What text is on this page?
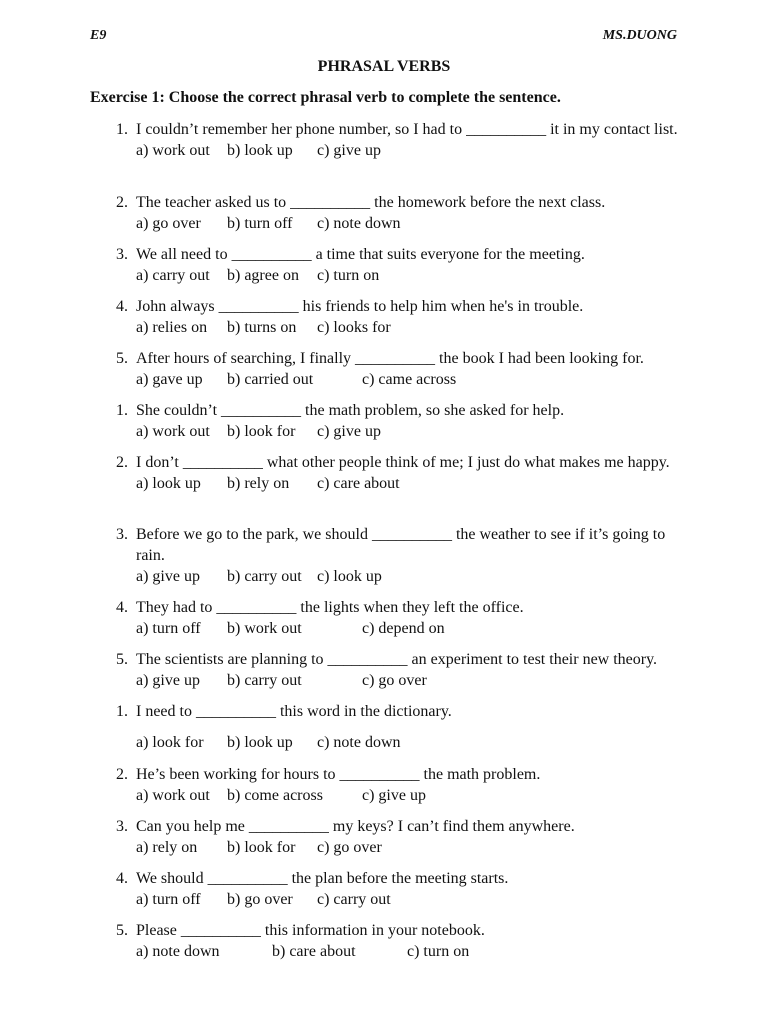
E9	MS.DUONG
PHRASAL VERBS
Exercise 1: Choose the correct phrasal verb to complete the sentence.
1. I couldn’t remember her phone number, so I had to __________ it in my contact list.
a) work out b) look up c) give up
2. The teacher asked us to __________ the homework before the next class.
a) go over b) turn off c) note down
3. We all need to __________ a time that suits everyone for the meeting.
a) carry out b) agree on c) turn on
4. John always __________ his friends to help him when he's in trouble.
a) relies on b) turns on c) looks for
5. After hours of searching, I finally __________ the book I had been looking for.
a) gave up b) carried out	c) came across
1. She couldn’t __________ the math problem, so she asked for help.
a) work out b) look for c) give up
2. I don’t __________ what other people think of me; I just do what makes me happy.
a) look up b) rely on c) care about
3. Before we go to the park, we should __________ the weather to see if it’s going to rain.
a) give up b) carry out c) look up
4. They had to __________ the lights when they left the office.
a) turn off b) work out	c) depend on
5. The scientists are planning to __________ an experiment to test their new theory.
a) give up b) carry out	c) go over
1. I need to __________ this word in the dictionary.
a) look for b) look up c) note down
2. He’s been working for hours to __________ the math problem.
a) work out b) come across c) give up
3. Can you help me __________ my keys? I can’t find them anywhere.
a) rely on b) look for c) go over
4. We should __________ the plan before the meeting starts.
a) turn off b) go over c) carry out
5. Please __________ this information in your notebook.
a) note down	b) care about	c) turn on
